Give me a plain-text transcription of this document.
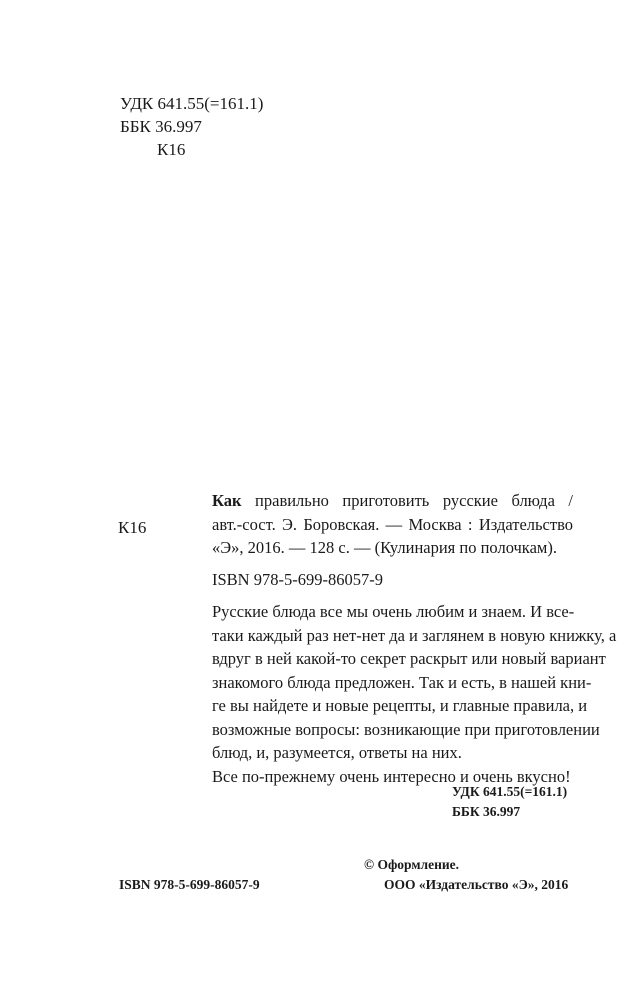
УДК 641.55(=161.1)
ББК 36.997
К16
К16
Как правильно приготовить русские блюда /
авт.-сост. Э. Боровская. — Москва : Издательство
«Э», 2016. — 128 с. — (Кулинария по полочкам).
ISBN 978-5-699-86057-9
Русские блюда все мы очень любим и знаем. И все-
таки каждый раз нет-нет да и заглянем в новую книжку, а
вдруг в ней какой-то секрет раскрыт или новый вариант
знакомого блюда предложен. Так и есть, в нашей кни-
ге вы найдете и новые рецепты, и главные правила, и
возможные вопросы: возникающие при приготовлении
блюд, и, разумеется, ответы на них.
Все по-прежнему очень интересно и очень вкусно!
УДК 641.55(=161.1)
ББК 36.997
© Оформление.
ISBN 978-5-699-86057-9	ООО «Издательство «Э», 2016
